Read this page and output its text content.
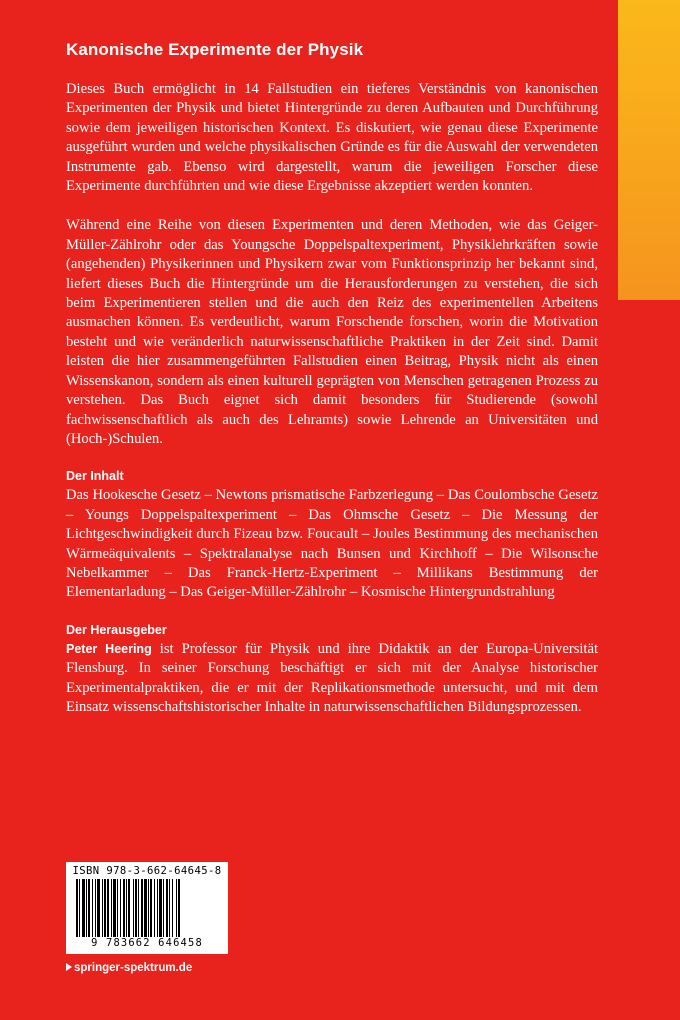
Kanonische Experimente der Physik

Dieses Buch ermöglicht in 14 Fallstudien ein tieferes Verständnis von kanonischen Experimenten der Physik und bietet Hintergründe zu deren Aufbauten und Durchführung sowie dem jeweiligen historischen Kontext. Es diskutiert, wie genau diese Experimente ausgeführt wurden und welche physikalischen Gründe es für die Auswahl der verwendeten Instrumente gab. Ebenso wird dargestellt, warum die jeweiligen Forscher diese Experimente durchführten und wie diese Ergebnisse akzeptiert werden konnten.

Während eine Reihe von diesen Experimenten und deren Methoden, wie das Geiger-Müller-Zählrohr oder das Youngsche Doppelspaltexperiment, Physiklehrkräften sowie (angehenden) Physikerinnen und Physikern zwar vom Funktionsprinzip her bekannt sind, liefert dieses Buch die Hintergründe um die Herausforderungen zu verstehen, die sich beim Experimentieren stellen und die auch den Reiz des experimentellen Arbeitens ausmachen können. Es verdeutlicht, warum Forschende forschen, worin die Motivation besteht und wie veränderlich naturwissenschaftliche Praktiken in der Zeit sind. Damit leisten die hier zusammengeführten Fallstudien einen Beitrag, Physik nicht als einen Wissenskanon, sondern als einen kulturell geprägten von Menschen getragenen Prozess zu verstehen. Das Buch eignet sich damit besonders für Studierende (sowohl fachwissenschaftlich als auch des Lehramts) sowie Lehrende an Universitäten und (Hoch-)Schulen.

Der Inhalt

Das Hookesche Gesetz – Newtons prismatische Farbzerlegung – Das Coulombsche Gesetz – Youngs Doppelspaltexperiment – Das Ohmsche Gesetz – Die Messung der Lichtgeschwindigkeit durch Fizeau bzw. Foucault – Joules Bestimmung des mechanischen Wärmeäquivalents – Spektralanalyse nach Bunsen und Kirchhoff – Die Wilsonsche Nebelkammer – Das Franck-Hertz-Experiment – Millikans Bestimmung der Elementarladung – Das Geiger-Müller-Zählrohr – Kosmische Hintergrundstrahlung

Der Herausgeber

Peter Heering ist Professor für Physik und ihre Didaktik an der Europa-Universität Flensburg. In seiner Forschung beschäftigt er sich mit der Analyse historischer Experimentalpraktiken, die er mit der Replikationsmethode untersucht, und mit dem Einsatz wissenschaftshistorischer Inhalte in naturwissenschaftlichen Bildungsprozessen.

ISBN 978-3-662-64645-8
9 783662 646458
springer-spektrum.de
